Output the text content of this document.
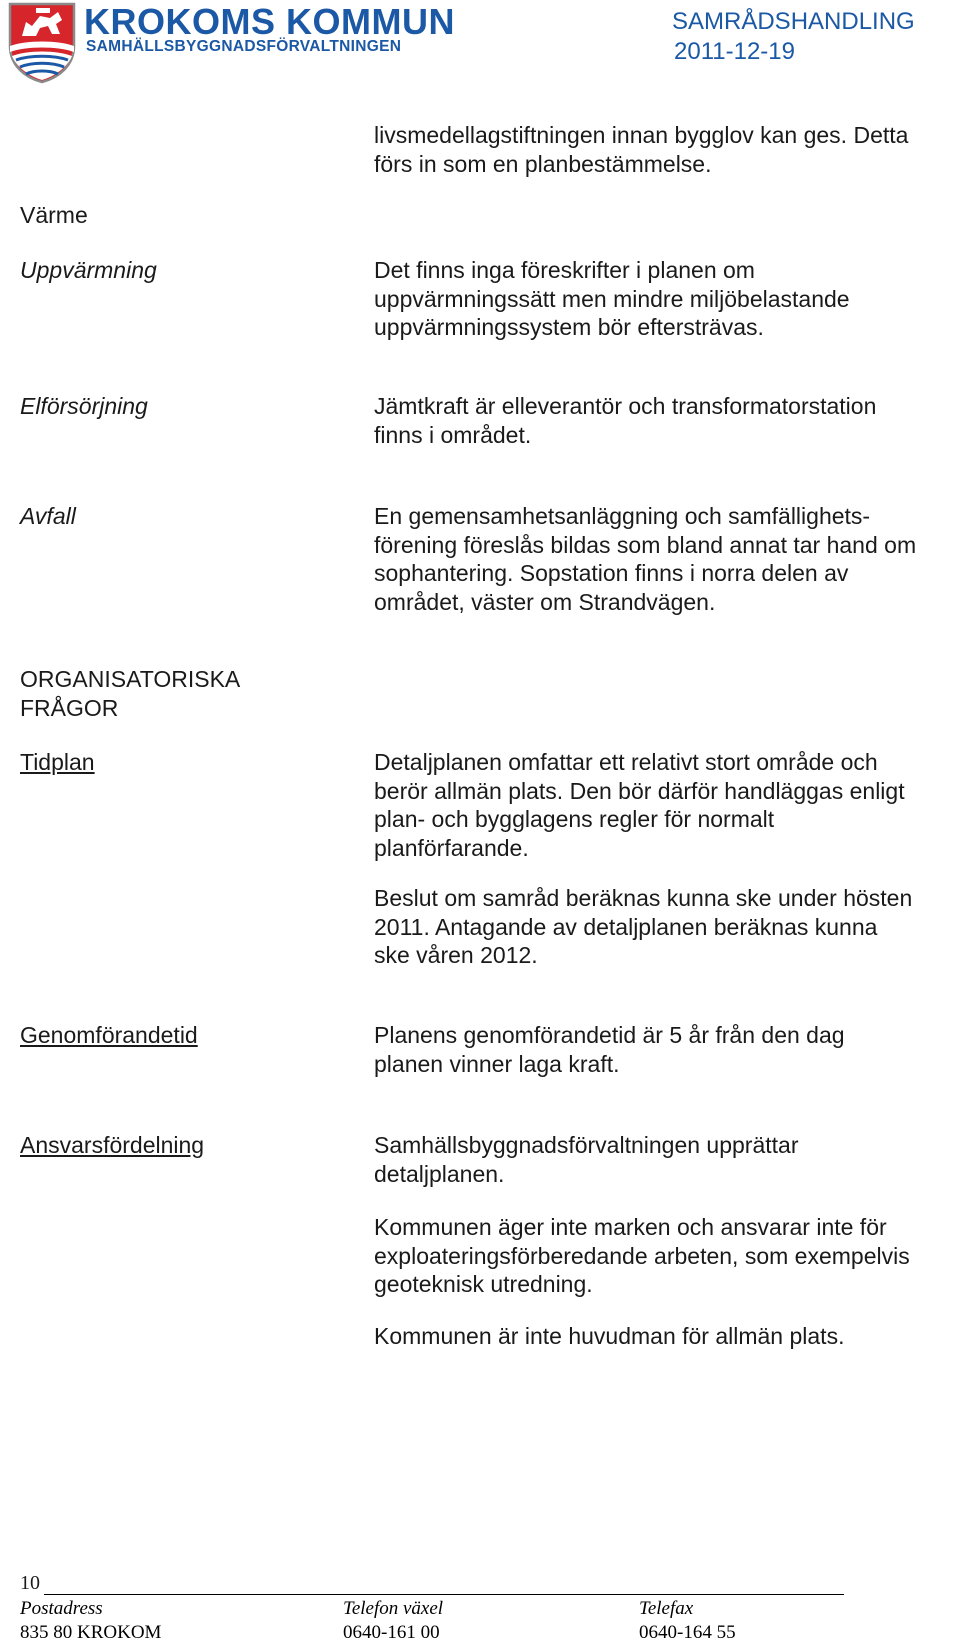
KROKOMS KOMMUN
SAMHÄLLSBYGGNADSFÖRVALTNINGEN
SAMRÅDSHANDLING
2011-12-19

livsmedellagstiftningen innan bygglov kan ges. Detta
förs in som en planbestämmelse.

Värme

Uppvärmning	Det finns inga föreskrifter i planen om
uppvärmningssätt men mindre miljöbelastande
uppvärmningssystem bör eftersträvas.

Elförsörjning	Jämtkraft är elleverantör och transformatorstation
finns i området.

Avfall	En gemensamhetsanläggning och samfällighets-
förening föreslås bildas som bland annat tar hand om
sophantering. Sopstation finns i norra delen av
området, väster om Strandvägen.

ORGANISATORISKA
FRÅGOR

Tidplan	Detaljplanen omfattar ett relativt stort område och
berör allmän plats. Den bör därför handläggas enligt
plan- och bygglagens regler för normalt
planförfarande.

Beslut om samråd beräknas kunna ske under hösten
2011. Antagande av detaljplanen beräknas kunna
ske våren 2012.

Genomförandetid	Planens genomförandetid är 5 år från den dag
planen vinner laga kraft.

Ansvarsfördelning	Samhällsbyggnadsförvaltningen upprättar
detaljplanen.

Kommunen äger inte marken och ansvarar inte för
exploateringsförberedande arbeten, som exempelvis
geoteknisk utredning.

Kommunen är inte huvudman för allmän plats.

10
Postadress
835 80 KROKOM
Telefon växel
0640-161 00
Telefax
0640-164 55
